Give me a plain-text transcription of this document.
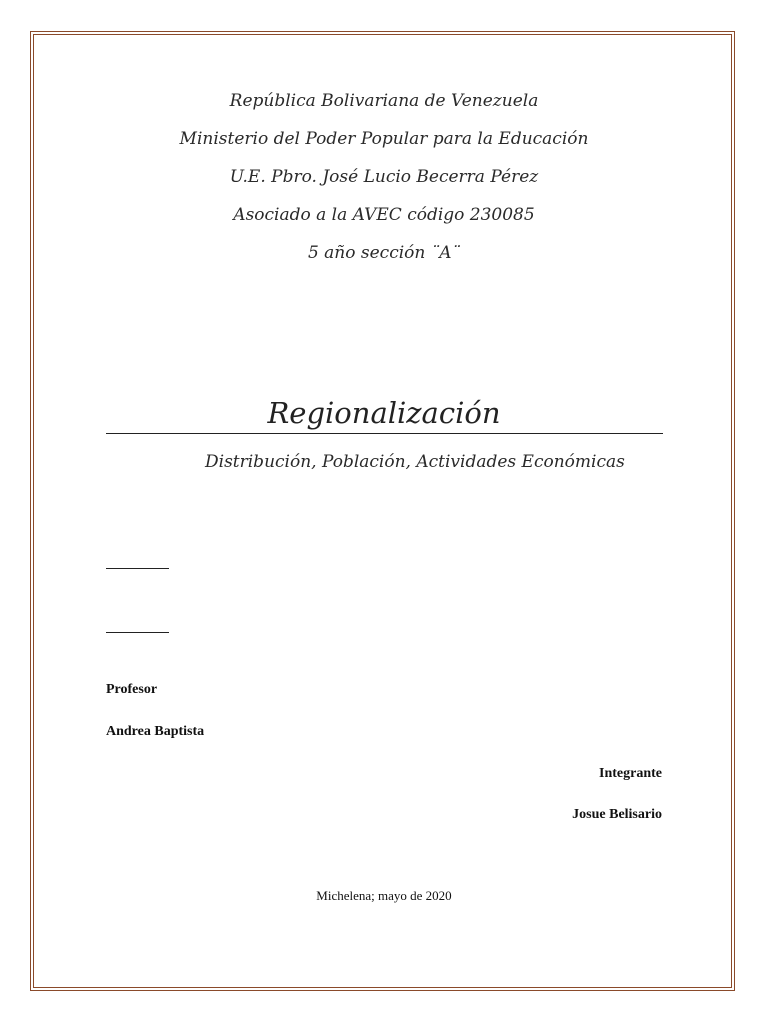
República Bolivariana de Venezuela
Ministerio del Poder Popular para la Educación
U.E. Pbro. José Lucio Becerra Pérez
Asociado a la AVEC código 230085
5 año sección ¨A¨
Regionalización
Distribución, Población, Actividades Económicas
Profesor
Andrea Baptista
Integrante
Josue Belisario
Michelena; mayo de 2020
